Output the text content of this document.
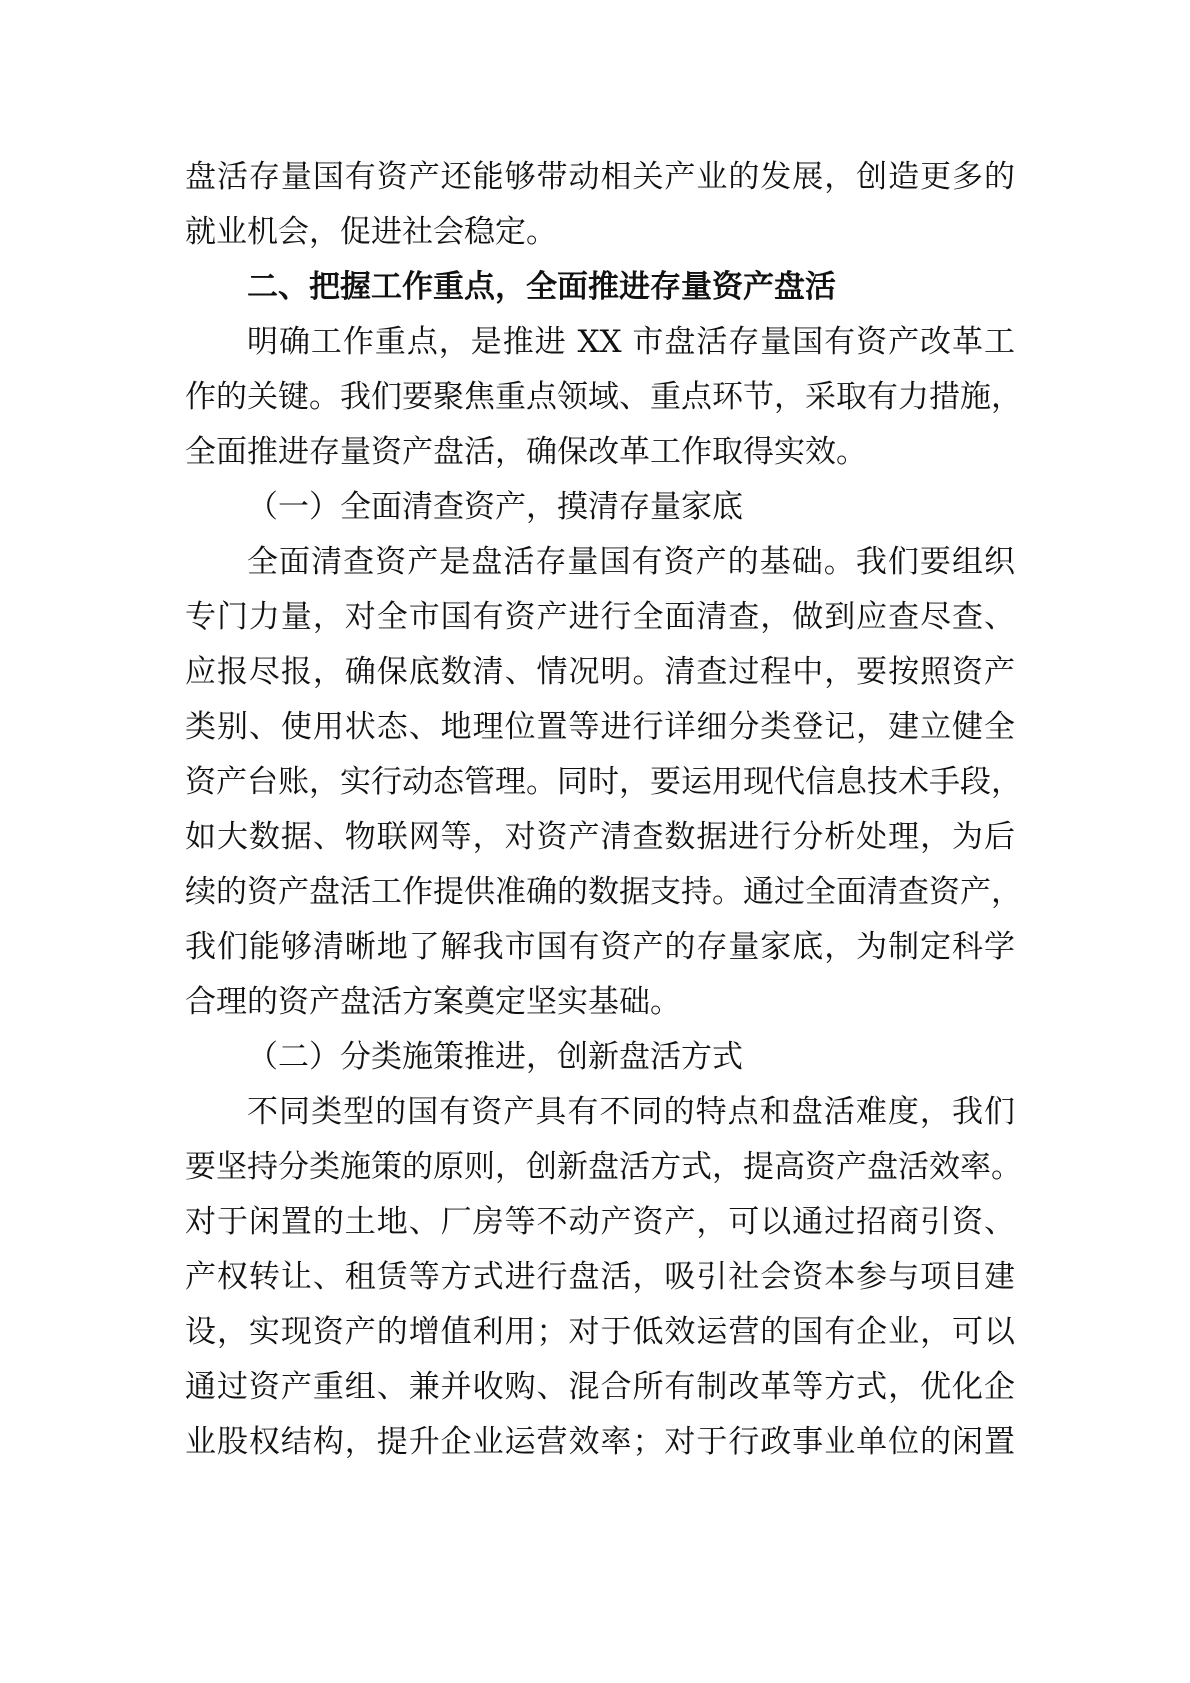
盘活存量国有资产还能够带动相关产业的发展，创造更多的
就业机会，促进社会稳定。
二、把握工作重点，全面推进存量资产盘活
明确工作重点，是推进 XX 市盘活存量国有资产改革工
作的关键。我们要聚焦重点领域、重点环节，采取有力措施，
全面推进存量资产盘活，确保改革工作取得实效。
（一）全面清查资产，摸清存量家底
全面清查资产是盘活存量国有资产的基础。我们要组织
专门力量，对全市国有资产进行全面清查，做到应查尽查、
应报尽报，确保底数清、情况明。清查过程中，要按照资产
类别、使用状态、地理位置等进行详细分类登记，建立健全
资产台账，实行动态管理。同时，要运用现代信息技术手段，
如大数据、物联网等，对资产清查数据进行分析处理，为后
续的资产盘活工作提供准确的数据支持。通过全面清查资产，
我们能够清晰地了解我市国有资产的存量家底，为制定科学
合理的资产盘活方案奠定坚实基础。
（二）分类施策推进，创新盘活方式
不同类型的国有资产具有不同的特点和盘活难度，我们
要坚持分类施策的原则，创新盘活方式，提高资产盘活效率。
对于闲置的土地、厂房等不动产资产，可以通过招商引资、
产权转让、租赁等方式进行盘活，吸引社会资本参与项目建
设，实现资产的增值利用；对于低效运营的国有企业，可以
通过资产重组、兼并收购、混合所有制改革等方式，优化企
业股权结构，提升企业运营效率；对于行政事业单位的闲置
